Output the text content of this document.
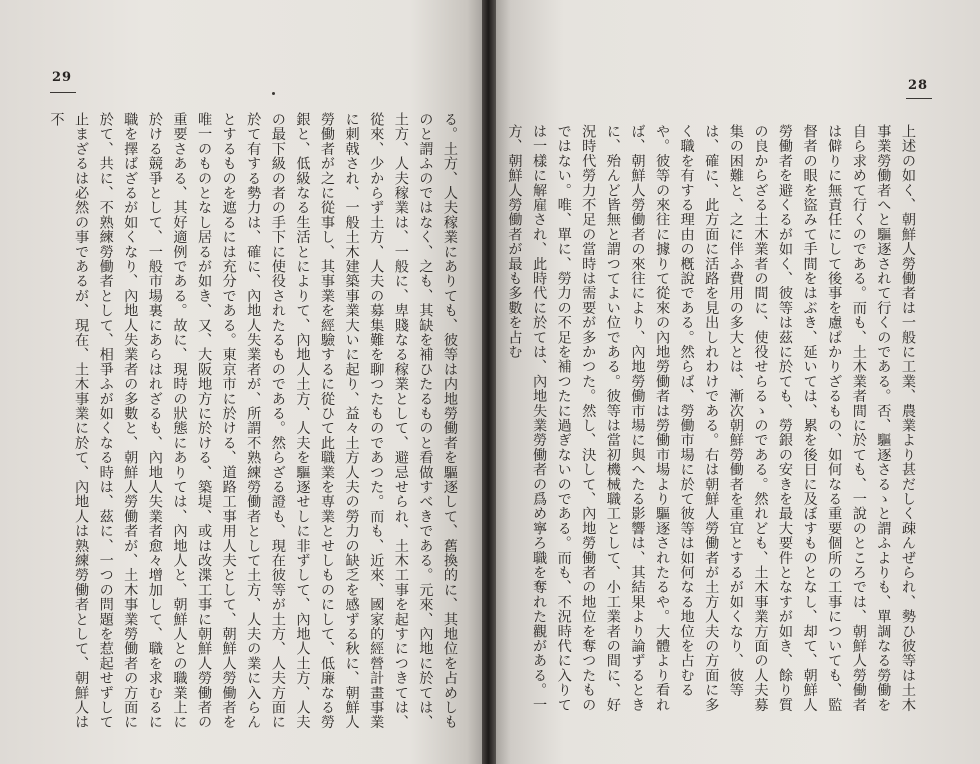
29
る。土方、人夫稼業にありても、彼等は内地勞働者を驅逐して、舊換的に、其地位を占めしものと謂ふのではなく、之も、其缺を補ひたるものと看做すべきである。元來、內地に於ては、土方、人夫稼業は、一般に、卑賤なる稼業として、避忌せられ、土木工事を起すにつきては、從來、少からず土方、人夫の募集難を聊つたものであつた。而も、近來、國家的經營計畫事業に刺戟され、一般土木建築事業大いに起り、益々土方人夫の勞力の缺乏を感ずる秋に、朝鮮人勞働者が之に從事し、其事業を經驗するに從ひて此職業を専業とせしものにして、低廉なる勞銀と、低級なる生活とによりて、內地人土方、人夫を驅逐せしに非ずして、內地人土方、人夫の最下級の者の手下に使役されたるものである。然らざる證も、現在彼等が土方、人夫方面に於て有する勢力は、確に、內地人失業者が、所謂不熟練勞働者として土方、人夫の業に入らんとするものを遮るには充分である。東京市に於ける、道路工事用人夫として、朝鮮人勞働者を唯一のものとなし居るが如き、又、大阪地方に於ける、築堤、或は改渫工事に朝鮮人勞働者の重要さある、其好適例である。故に、現時の狀態にありては、內地人と、朝鮮人との職業上に於ける競爭として、一般市場裏にあらはれざるも、內地人失業者愈々增加して、職を求むるに職を擇ばざるが如くなり、內地人失業者の多數と、朝鮮人勞働者が、土木事業勞働者の方面に於て、共に、不熟練勞働者として、相爭ふが如くなる時は、茲に、一つの問題を惹起せずして止まざるは必然の事であるが、現在、土木事業に於て、內地人は熟練勞働者として、朝鮮人は不
28
上述の如く、朝鮮人勞働者は一般に工業、農業より甚だしく疎んぜられ、勢ひ彼等は土木事業勞働者へと驅逐されて行くのである。否、驅逐さるゝと謂ふよりも、單調なる勞働を自ら求めて行くのである。而も、土木業者間に於ても、一說のところでは、朝鮮人勞働者は僻りに無責任にして後事を慮ぱかりざるもの、如何なる重要個所の工事についても、監督者の眼を盜みて手間をはぶき、延いては、累を後日に及ぼすものとなし、却て、朝鮮人勞働者を避くるが如く、彼等は茲に於ても、勞銀の安きを最大要件となすが如き、餘り質の良からざる土木業者の間に、使役せらるゝのである。然れども、土木事業方面の人夫募集の困難と、之に伴ふ費用の多大とは、漸次朝鮮勞働者を重宜とするが如くなり、彼等は、確に、此方面に活路を見出しれわけである。右は朝鮮人勞働者が土方人夫の方面に多く職を有する理由の槪說である。然らば、勞働市場に於て彼等は如何なる地位を占むるや。彼等の來往に據りて從來の內地勞働者は勞働市場より驅逐されたるや。大體より看れば、朝鮮人勞働者の來往により、內地勞働市場に與へたる影響は、其結果より論ずるときに、殆んど皆無と謂つてよい位である。彼等は當初機械職工として、小工業者の間に、好況時代勞力不足の當時は需要が多かつた。然し、決して、內地勞働者の地位を奪つたものではない。唯、單に、勞力の不足を補つたに過ぎないのである。而も、不況時代に入りては一樣に解雇され、此時代に於ては、內地失業勞働者の爲め寧ろ職を奪れた觀がある。一方、朝鮮人勞働者が最も多數を占む
